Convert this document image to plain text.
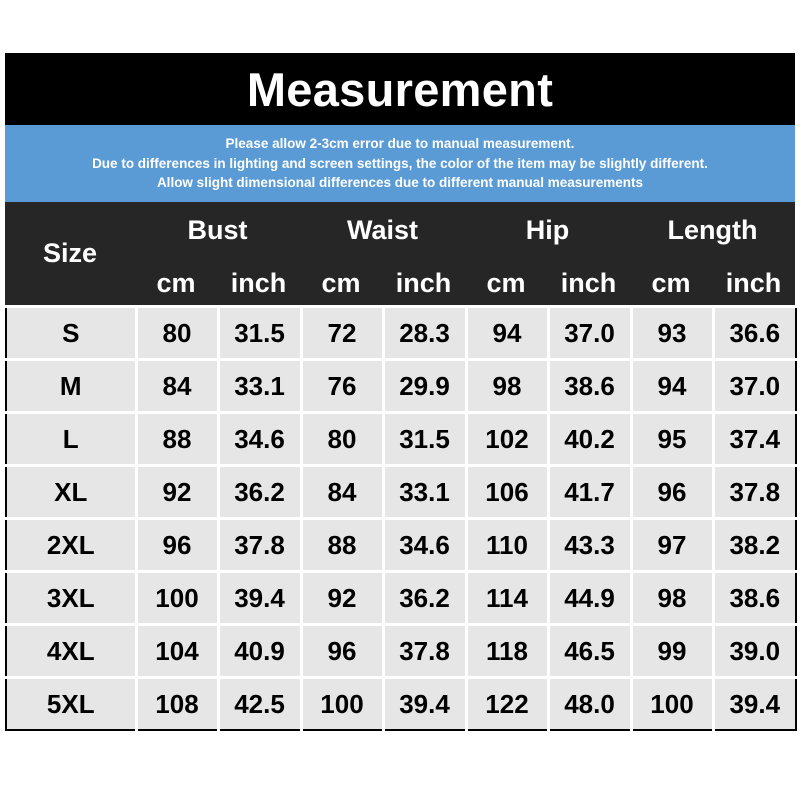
Measurement
Please allow 2-3cm error due to manual measurement.
Due to differences in lighting and screen settings, the color of the item may be slightly different.
Allow slight dimensional differences due to different manual measurements
Size
Bust	Waist	Hip	Length
cm	inch	cm	inch	cm	inch	cm	inch
S	80	31.5	72	28.3	94	37.0	93	36.6
M	84	33.1	76	29.9	98	38.6	94	37.0
L	88	34.6	80	31.5	102	40.2	95	37.4
XL	92	36.2	84	33.1	106	41.7	96	37.8
2XL	96	37.8	88	34.6	110	43.3	97	38.2
3XL	100	39.4	92	36.2	114	44.9	98	38.6
4XL	104	40.9	96	37.8	118	46.5	99	39.0
5XL	108	42.5	100	39.4	122	48.0	100	39.4
